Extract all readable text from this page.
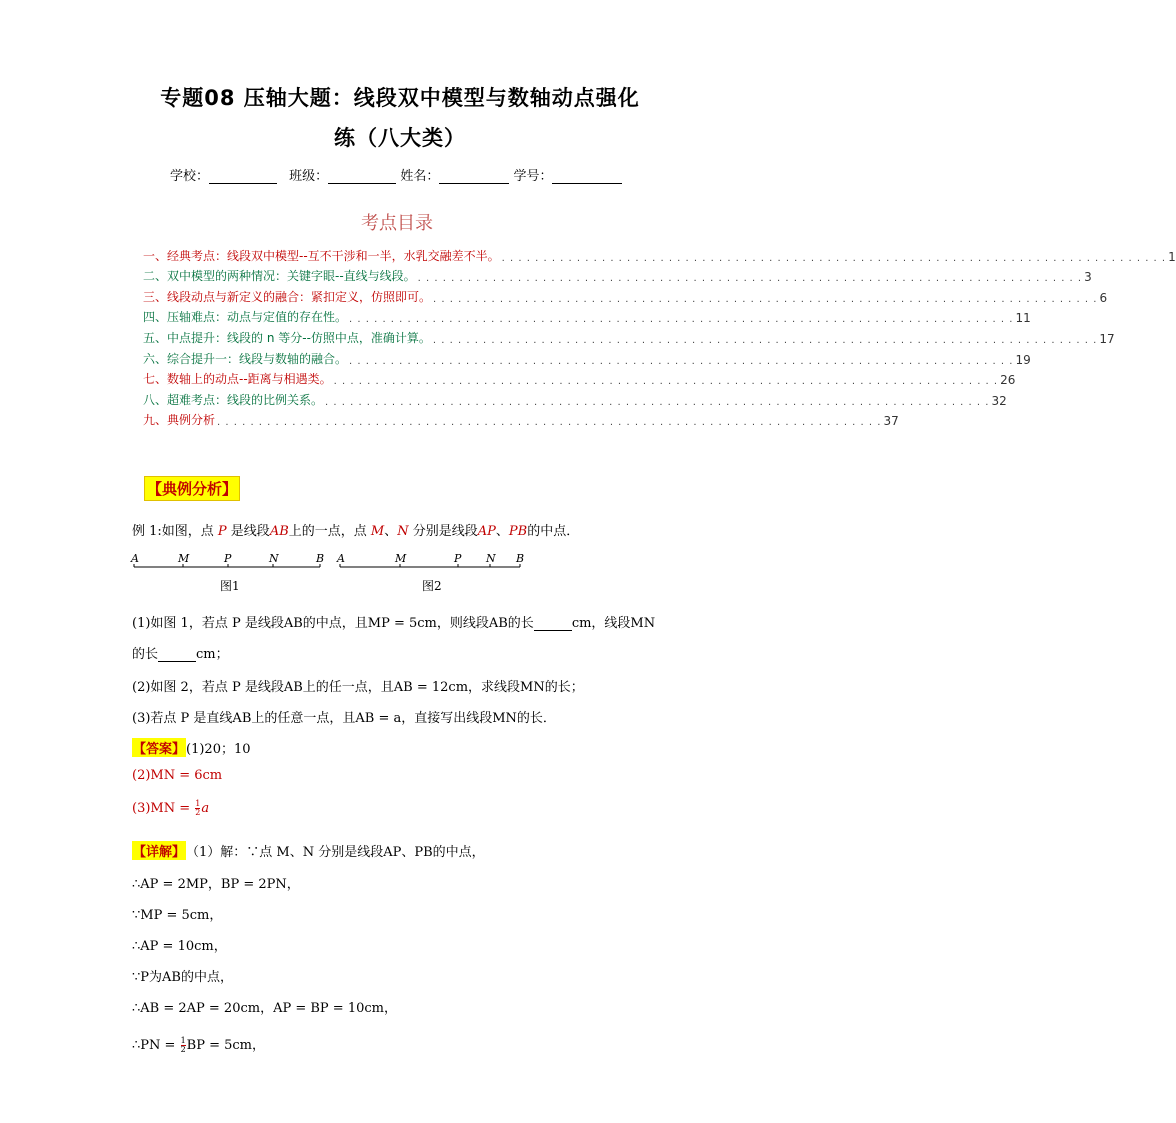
专题08 压轴大题：线段双中模型与数轴动点强化
练（八大类）
学校：	班级：	姓名：	学号：
考点目录
一、经典考点：线段双中模型--互不干涉和一半，水乳交融差不半。 . . . . . . . . . . . . . . . . . . . . . . . . . . . . . . . . . . . . . . . . . . . . . . . . . . . . . . . . . . . . . . . . . . . . . . . . . . . . . . . . 1
二、双中模型的两种情况：关键字眼--直线与线段。 . . . . . . . . . . . . . . . . . . . . . . . . . . . . . . . . . . . . . . . . . . . . . . . . . . . . . . . . . . . . . . . . . . . . . . . . . . . . . . . . 3
三、线段动点与新定义的融合：紧扣定义，仿照即可。 . . . . . . . . . . . . . . . . . . . . . . . . . . . . . . . . . . . . . . . . . . . . . . . . . . . . . . . . . . . . . . . . . . . . . . . . . . . . . . . . 6
四、压轴难点：动点与定值的存在性。 . . . . . . . . . . . . . . . . . . . . . . . . . . . . . . . . . . . . . . . . . . . . . . . . . . . . . . . . . . . . . . . . . . . . . . . . . . . . . . . . 11
五、中点提升：线段的 n 等分--仿照中点，准确计算。 . . . . . . . . . . . . . . . . . . . . . . . . . . . . . . . . . . . . . . . . . . . . . . . . . . . . . . . . . . . . . . . . . . . . . . . . . . . . . . . . 17
六、综合提升一：线段与数轴的融合。 . . . . . . . . . . . . . . . . . . . . . . . . . . . . . . . . . . . . . . . . . . . . . . . . . . . . . . . . . . . . . . . . . . . . . . . . . . . . . . . . 19
七、数轴上的动点--距离与相遇类。 . . . . . . . . . . . . . . . . . . . . . . . . . . . . . . . . . . . . . . . . . . . . . . . . . . . . . . . . . . . . . . . . . . . . . . . . . . . . . . . . 26
八、超难考点：线段的比例关系。 . . . . . . . . . . . . . . . . . . . . . . . . . . . . . . . . . . . . . . . . . . . . . . . . . . . . . . . . . . . . . . . . . . . . . . . . . . . . . . . . 32
九、典例分析 . . . . . . . . . . . . . . . . . . . . . . . . . . . . . . . . . . . . . . . . . . . . . . . . . . . . . . . . . . . . . . . . . . . . . . . . . . . . . . . . 37
【典例分析】
例 1:如图，点 P 是线段AB上的一点，点 M、N 分别是线段AP、PB的中点．
A	M	P	N	B
图1
A	M	P N B
图2
(1)如图 1，若点 P 是线段AB的中点，且MP = 5cm，则线段AB的长	cm，线段MN
的长	cm；
(2)如图 2，若点 P 是线段AB上的任一点，且AB = 12cm，求线段MN的长；
(3)若点 P 是直线AB上的任意一点，且AB = a，直接写出线段MN的长．
【答案】(1)20；10
(2)MN = 6cm
$(3)MN = \frac{1}{2}$ a
【详解】（1）解：∵点 M、N 分别是线段AP、PB的中点，
∴AP = 2MP，BP = 2PN，
∵MP = 5cm，
∴AP = 10cm，
∵P为AB的中点，
∴AB = 2AP = 20cm，AP = BP = 10cm，
∴PN = $\frac{1}{2}$ BP = 5cm，
